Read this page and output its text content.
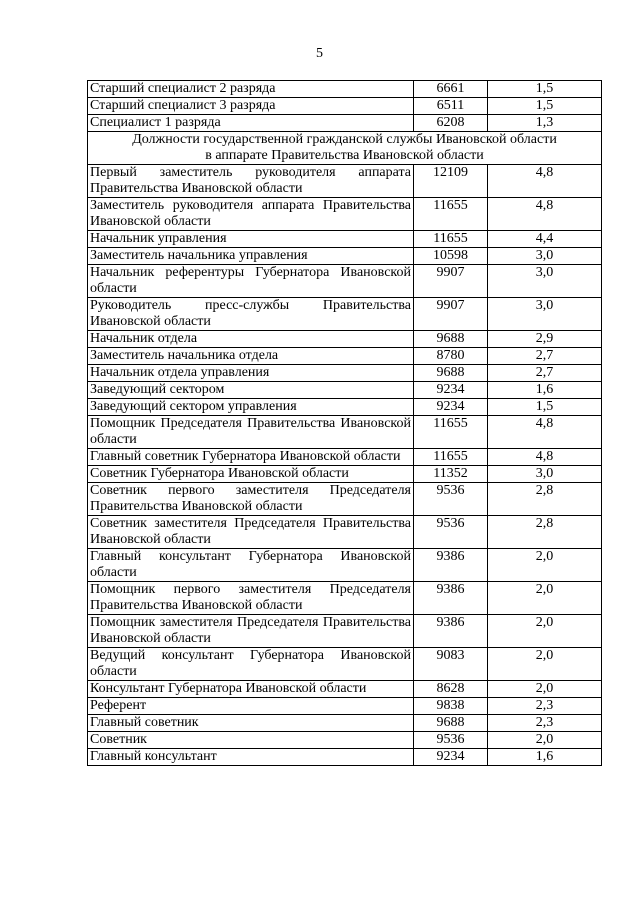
5
Старший специалист 2 разряда	6661	1,5
Старший специалист 3 разряда	6511	1,5
Специалист 1 разряда	6208	1,3

Должности государственной гражданской службы Ивановской области
в аппарате Правительства Ивановской области		

Первый заместитель руководителя аппарата Правительства Ивановской области	12109	4,8
Заместитель руководителя аппарата Правительства Ивановской области	11655	4,8
Начальник управления	11655	4,4
Заместитель начальника управления	10598	3,0
Начальник референтуры Губернатора Ивановской области	9907	3,0
Руководитель пресс-службы Правительства Ивановской области	9907	3,0
Начальник отдела	9688	2,9
Заместитель начальника отдела	8780	2,7
Начальник отдела управления	9688	2,7
Заведующий сектором	9234	1,6
Заведующий сектором управления	9234	1,5
Помощник Председателя Правительства Ивановской области	11655	4,8
Главный советник Губернатора Ивановской области	11655	4,8
Советник Губернатора Ивановской области	11352	3,0
Советник первого заместителя Председателя Правительства Ивановской области	9536	2,8
Советник заместителя Председателя Правительства Ивановской области	9536	2,8
Главный консультант Губернатора Ивановской области	9386	2,0
Помощник первого заместителя Председателя Правительства Ивановской области	9386	2,0
Помощник заместителя Председателя Правительства Ивановской области	9386	2,0
Ведущий консультант Губернатора Ивановской области	9083	2,0
Консультант Губернатора Ивановской области	8628	2,0
Референт	9838	2,3
Главный советник	9688	2,3
Советник	9536	2,0
Главный консультант	9234	1,6
